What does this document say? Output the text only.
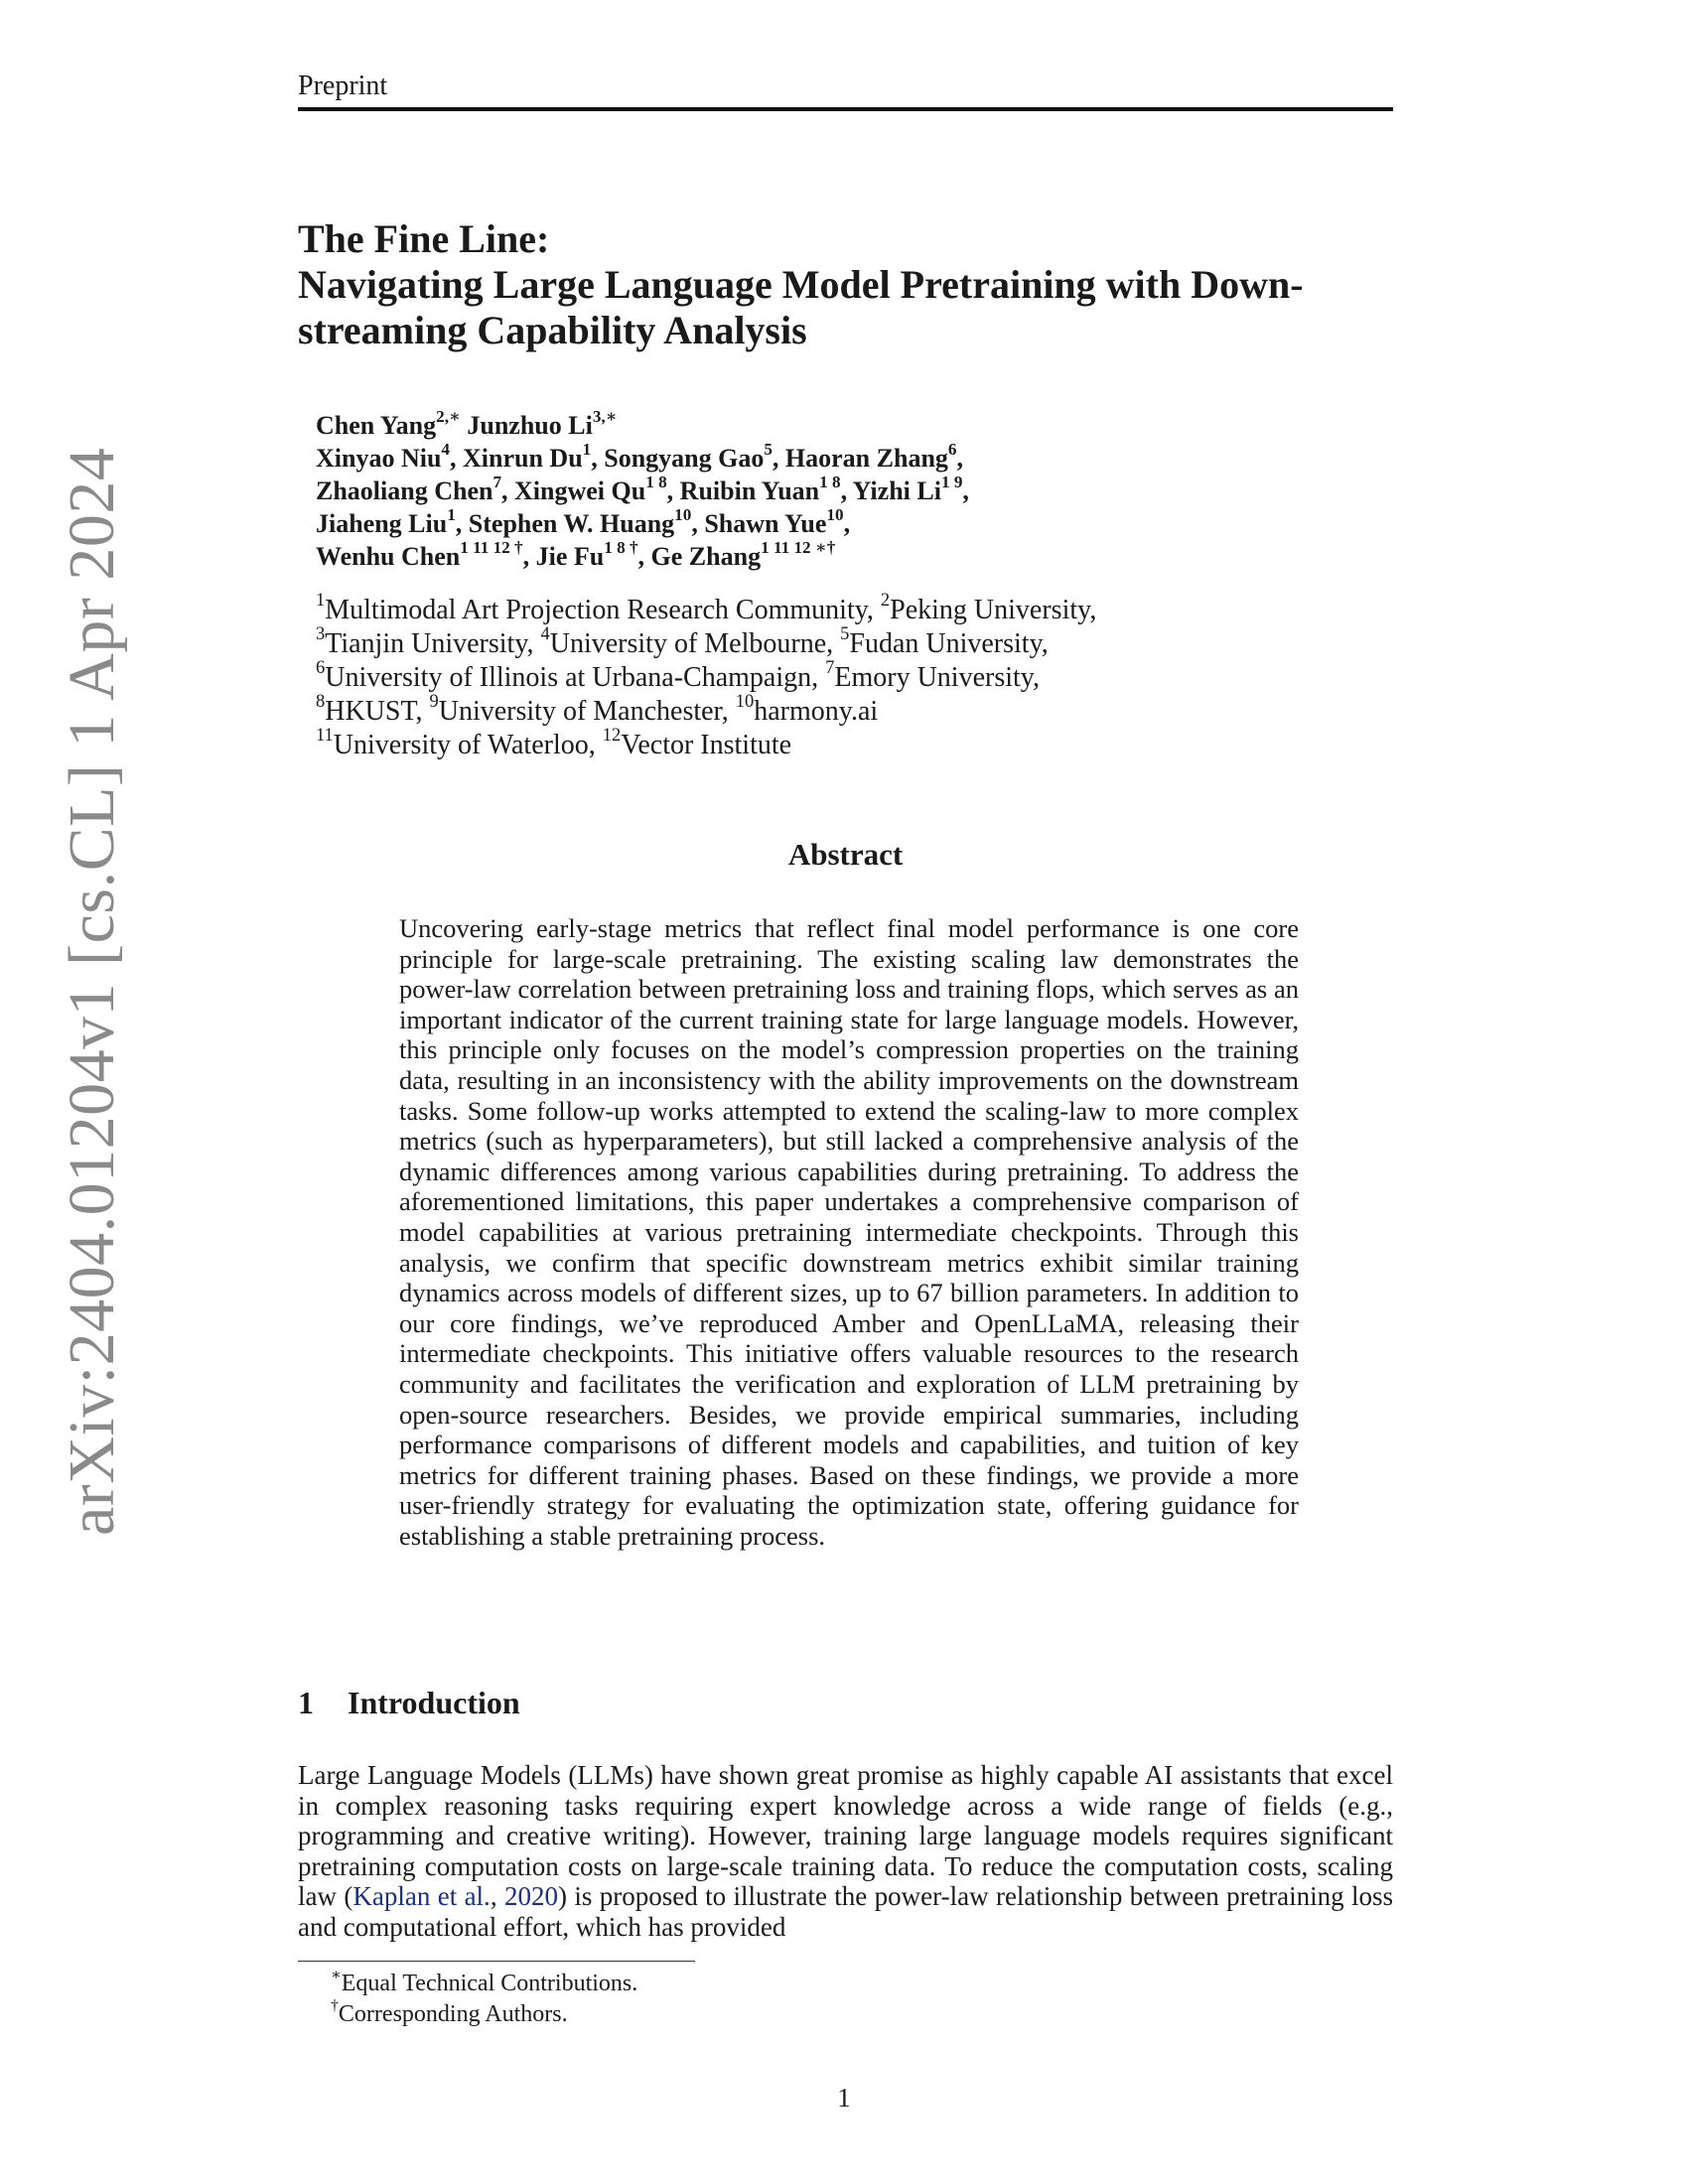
Preprint
arXiv:2404.01204v1 [cs.CL] 1 Apr 2024
The Fine Line:
Navigating Large Language Model Pretraining with Down-
streaming Capability Analysis
Chen Yang$^{2,∗}$ Junzhuo $Li^{3,∗}$
Xinyao Niu$^4$, Xinrun Du$^1$, Songyang Gao$^5$, Haoran Zhang$^6$,
Zhaoliang Chen$^7$, Xingwei $Qu^{1 8}$, Ruibin Yuan$^{1 8}$, Yizhi $Li^{1 9}$,
Jiaheng Liu$^1$, Stephen W. Huang$^{10}$, Shawn Yue$^{10}$,
Wenhu Chen$^{1 11 12 \dagger}$, Jie $Fu^{1 8 \dagger}$, Ge Zhang$^{1 11 12 ∗\dagger}$
$^1$Multimodal Art Projection Research Community, $^2$Peking University,
$^3$Tianjin University, $^4$University of Melbourne, $^5$Fudan University,
$^6$University of Illinois at Urbana-Champaign, $^7$Emory University,
$^8$HKUST, $^9$University of Manchester, $^{10}$harmony.ai
$^{11}$University of Waterloo, $^{12}$Vector Institute
Abstract
Uncovering early-stage metrics that reflect final model performance is one core principle for large-scale pretraining. The existing scaling law demonstrates the power-law correlation between pretraining loss and training flops, which serves as an important indicator of the current training state for large language models. However, this principle only focuses on the model’s compression properties on the training data, resulting in an inconsistency with the ability improvements on the downstream tasks. Some follow-up works attempted to extend the scaling-law to more complex metrics (such as hyperparameters), but still lacked a comprehensive analysis of the dynamic differences among various capabilities during pretraining. To address the aforementioned limitations, this paper undertakes a comprehensive comparison of model capabilities at various pretraining intermediate checkpoints. Through this analysis, we confirm that specific downstream metrics exhibit similar training dynamics across models of different sizes, up to 67 billion parameters. In addition to our core findings, we’ve reproduced Amber and OpenLLaMA, releasing their intermediate checkpoints. This initiative offers valuable resources to the research community and facilitates the verification and exploration of LLM pretraining by open-source researchers. Besides, we provide empirical summaries, including performance comparisons of different models and capabilities, and tuition of key metrics for different training phases. Based on these findings, we provide a more user-friendly strategy for evaluating the optimization state, offering guidance for establishing a stable pretraining process.
1 Introduction
Large Language Models (LLMs) have shown great promise as highly capable AI assistants that excel in complex reasoning tasks requiring expert knowledge across a wide range of fields (e.g., programming and creative writing). However, training large language models requires significant pretraining computation costs on large-scale training data. To reduce the computation costs, scaling law (Kaplan et al., 2020) is proposed to illustrate the power-law relationship between pretraining loss and computational effort, which has provided
∗Equal Technical Contributions.
†Corresponding Authors.
1
